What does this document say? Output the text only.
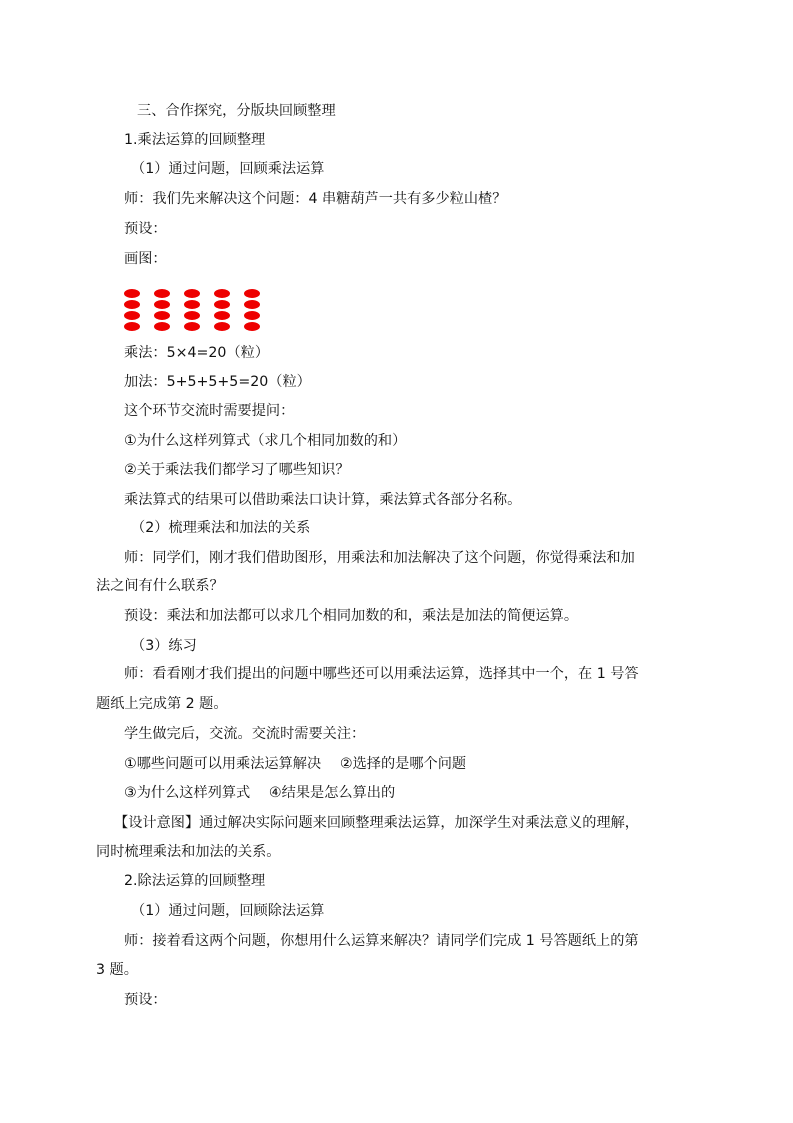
三、合作探究，分版块回顾整理

1.乘法运算的回顾整理

（1）通过问题，回顾乘法运算

师：我们先来解决这个问题：4 串糖葫芦一共有多少粒山楂？

预设：

画图：

乘法：5×4=20（粒）

加法：5+5+5+5=20（粒）

这个环节交流时需要提问：

①为什么这样列算式（求几个相同加数的和）

②关于乘法我们都学习了哪些知识？

乘法算式的结果可以借助乘法口诀计算，乘法算式各部分名称。

（2）梳理乘法和加法的关系

师：同学们，刚才我们借助图形，用乘法和加法解决了这个问题，你觉得乘法和加

法之间有什么联系？

预设：乘法和加法都可以求几个相同加数的和，乘法是加法的简便运算。

（3）练习

师：看看刚才我们提出的问题中哪些还可以用乘法运算，选择其中一个，在 1 号答

题纸上完成第 2 题。

学生做完后，交流。交流时需要关注：

①哪些问题可以用乘法运算解决　 ②选择的是哪个问题

③为什么这样列算式　 ④结果是怎么算出的

【设计意图】通过解决实际问题来回顾整理乘法运算，加深学生对乘法意义的理解，

同时梳理乘法和加法的关系。

2.除法运算的回顾整理

（1）通过问题，回顾除法运算

师：接着看这两个问题，你想用什么运算来解决？请同学们完成 1 号答题纸上的第

3 题。

预设：
